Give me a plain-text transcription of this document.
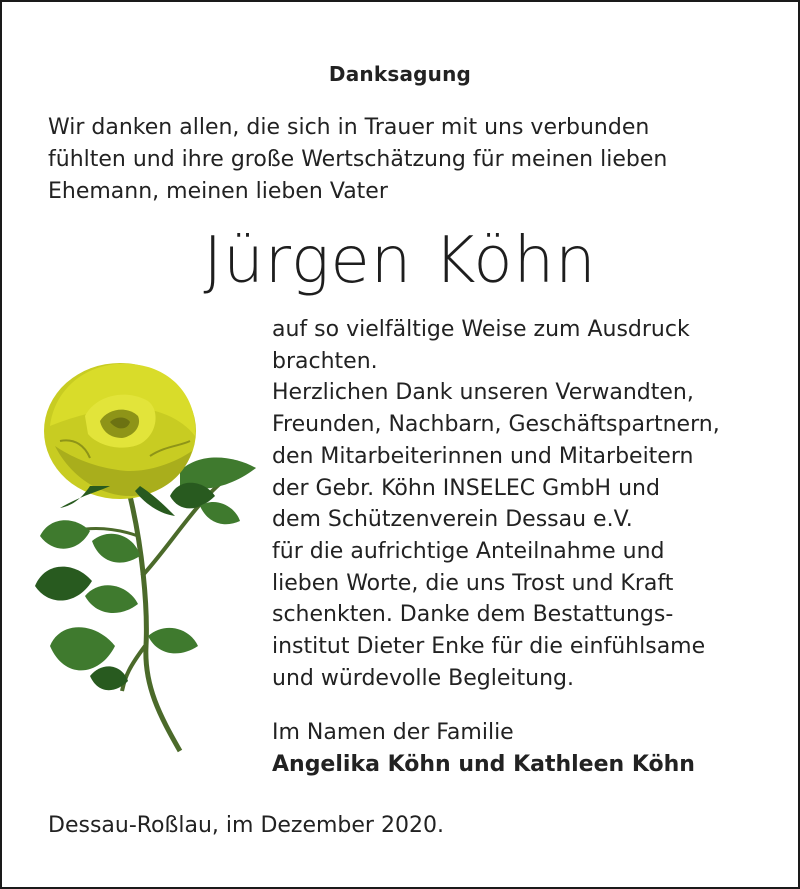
Danksagung
Wir danken allen, die sich in Trauer mit uns verbunden
fühlten und ihre große Wertschätzung für meinen lieben
Ehemann, meinen lieben Vater
Jürgen Köhn
auf so vielfältige Weise zum Ausdruck
brachten.
Herzlichen Dank unseren Verwandten,
Freunden, Nachbarn, Geschäftspartnern,
den Mitarbeiterinnen und Mitarbeitern
der Gebr. Köhn INSELEC GmbH und
dem Schützenverein Dessau e.V.
für die aufrichtige Anteilnahme und
lieben Worte, die uns Trost und Kraft
schenkten. Danke dem Bestattungs-
institut Dieter Enke für die einfühlsame
und würdevolle Begleitung.
Im Namen der Familie
Angelika Köhn und Kathleen Köhn
Dessau-Roßlau, im Dezember 2020.
